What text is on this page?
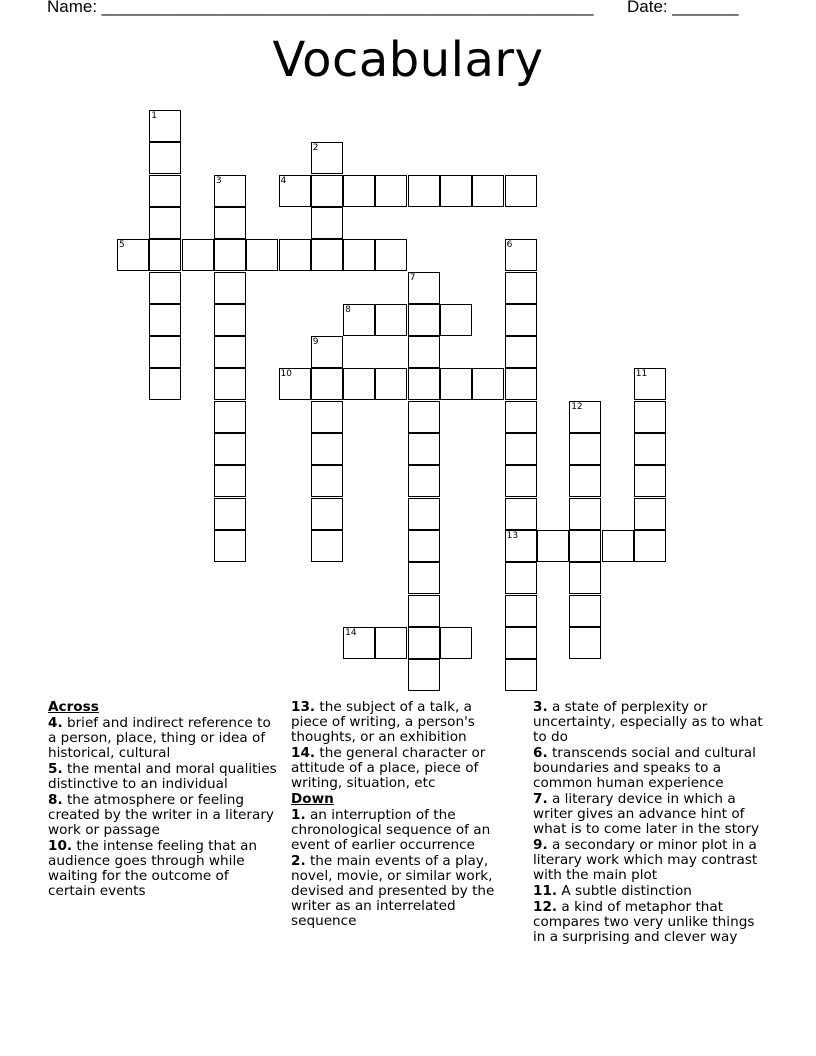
Name: ____________________________________________________ Date: _______
Vocabulary
1
2
3	4
5	6
13
7
8
9
10	11
12
14
Across
4. brief and indirect reference to a person, place, thing or idea of historical, cultural
5. the mental and moral qualities distinctive to an individual
8. the atmosphere or feeling created by the writer in a literary work or passage
10. the intense feeling that an audience goes through while waiting for the outcome of certain events
13. the subject of a talk, a piece of writing, a person's thoughts, or an exhibition
14. the general character or attitude of a place, piece of writing, situation, etc
Down
1. an interruption of the chronological sequence of an event of earlier occurrence
2. the main events of a play, novel, movie, or similar work, devised and presented by the writer as an interrelated sequence
3. a state of perplexity or uncertainty, especially as to what to do
6. transcends social and cultural boundaries and speaks to a common human experience
7. a literary device in which a writer gives an advance hint of what is to come later in the story
9. a secondary or minor plot in a literary work which may contrast with the main plot
11. A subtle distinction
12. a kind of metaphor that compares two very unlike things in a surprising and clever way
